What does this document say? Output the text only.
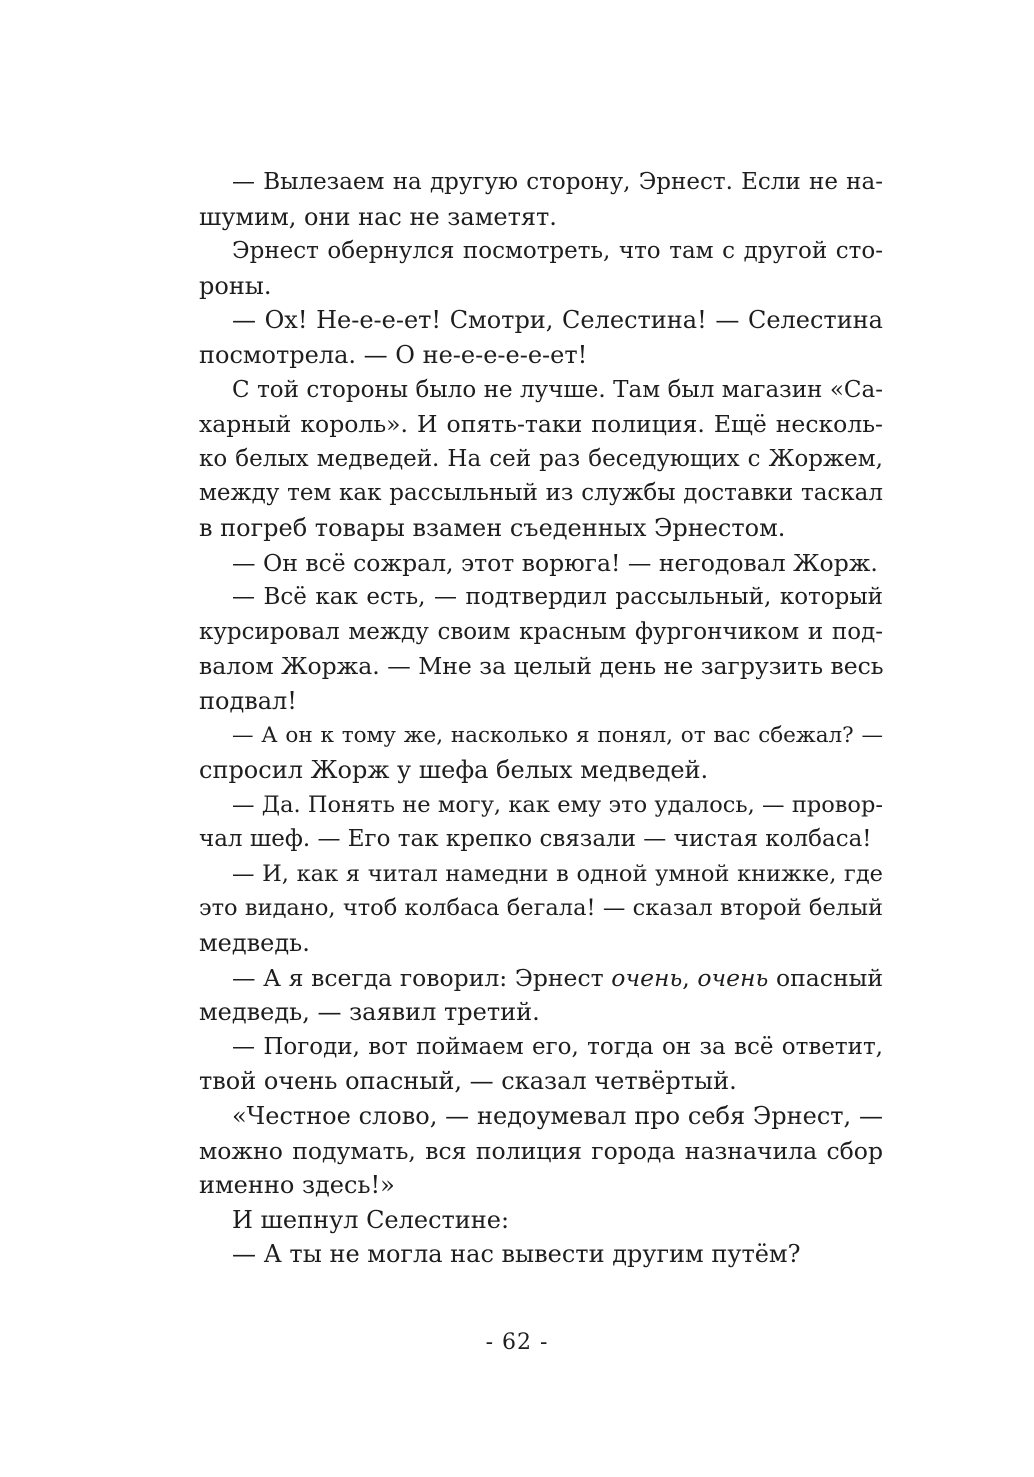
— Вылезаем на другую сторону, Эрнест. Если не на-
шумим, они нас не заметят.
Эрнест обернулся посмотреть, что там с другой сто-
роны.
— Ох! Не-е-е-ет! Смотри, Селестина! — Селестина
посмотрела. — О не-е-е-е-е-ет!
С той стороны было не лучше. Там был магазин «Са-
харный король». И опять-таки полиция. Ещё несколь-
ко белых медведей. На сей раз беседующих с Жоржем,
между тем как рассыльный из службы доставки таскал
в погреб товары взамен съеденных Эрнестом.
— Он всё сожрал, этот ворюга! — негодовал Жорж.
— Всё как есть, — подтвердил рассыльный, который
курсировал между своим красным фургончиком и под-
валом Жоржа. — Мне за целый день не загрузить весь
подвал!
— А он к тому же, насколько я понял, от вас сбежал? —
спросил Жорж у шефа белых медведей.
— Да. Понять не могу, как ему это удалось, — провор-
чал шеф. — Его так крепко связали — чистая колбаса!
— И, как я читал намедни в одной умной книжке, где
это видано, чтоб колбаса бегала! — сказал второй белый
медведь.
— А я всегда говорил: Эрнест очень, очень опасный
медведь, — заявил третий.
— Погоди, вот поймаем его, тогда он за всё ответит,
твой очень опасный, — сказал четвёртый.
«Честное слово, — недоумевал про себя Эрнест, —
можно подумать, вся полиция города назначила сбор
именно здесь!»
И шепнул Селестине:
— А ты не могла нас вывести другим путём?
- 62 -
